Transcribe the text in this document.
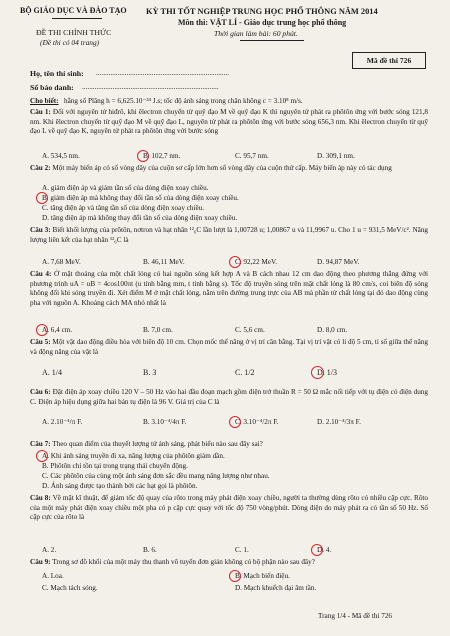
BỘ GIÁO DỤC VÀ ĐÀO TẠO KỲ THI TỐT NGHIỆP TRUNG HỌC PHỔ THÔNG NĂM 2014
Môn thi: VẬT LÍ - Giáo dục trung học phổ thông
Thời gian làm bài: 60 phút.
ĐỀ THI CHÍNH THỨC
(Đề thi có 04 trang)
Mã đề thi 726
Họ, tên thí sinh: ..........................................................................
Số báo danh: ............................................................................
Cho biết: hằng số Plăng h = 6,625.10⁻³⁴ J.s; tốc độ ánh sáng trong chân không c = 3.10⁸ m/s.
Câu 1: Đối với nguyên tử hiđrô, khi êlectron chuyển từ quỹ đạo M về quỹ đạo K thì nguyên tử phát ra phôtôn ứng với bước sóng 121,8 nm. Khi êlectron chuyển từ quỹ đạo M về quỹ đạo L, nguyên tử phát ra phôtôn ứng với bước sóng 656,3 nm. Khi êlectron chuyển từ quỹ đạo L về quỹ đạo K, nguyên tử phát ra phôtôn ứng với bước sóng
A. 534,5 nm.	B. 102,7 nm.	C. 95,7 nm.	D. 309,1 nm.
Câu 2: Một máy biến áp có số vòng dây của cuộn sơ cấp lớn hơn số vòng dây của cuộn thứ cấp. Máy biến áp này có tác dụng
A. giảm điện áp và giảm tần số của dòng điện xoay chiều.
B. giảm điện áp mà không thay đổi tần số của dòng điện xoay chiều.
C. tăng điện áp và tăng tần số của dòng điện xoay chiều.
D. tăng điện áp mà không thay đổi tần số của dòng điện xoay chiều.
Câu 3: Biết khối lượng của prôtôn, nơtron và hạt nhân ¹²₆C lần lượt là 1,00728 u; 1,00867 u và 11,9967 u. Cho 1 u = 931,5 MeV/c². Năng lượng liên kết của hạt nhân ¹²₆C là
A. 7,68 MeV.	B. 46,11 MeV.	C. 92,22 MeV.	D. 94,87 MeV.
Câu 4: Ở mặt thoáng của một chất lỏng có hai nguồn sóng kết hợp A và B cách nhau 12 cm dao động theo phương thẳng đứng với phương trình uA = uB = 4cos100πt (u tính bằng mm, t tính bằng s). Tốc độ truyền sóng trên mặt chất lỏng là 80 cm/s, coi biên độ sóng không đổi khi sóng truyền đi. Xét điểm M ở mặt chất lỏng, nằm trên đường trung trực của AB mà phần tử chất lỏng tại đó dao động cùng pha với nguồn A. Khoảng cách MA nhỏ nhất là
A. 6,4 cm.	B. 7,0 cm.	C. 5,6 cm.	D. 8,0 cm.
Câu 5: Một vật dao động điều hòa với biên độ 10 cm. Chọn mốc thế năng ở vị trí cân bằng. Tại vị trí vật có li độ 5 cm, tỉ số giữa thế năng và động năng của vật là
A. 1/4	B. 3	C. 1/2	D. 1/3
Câu 6: Đặt điện áp xoay chiều 120 V – 50 Hz vào hai đầu đoạn mạch gồm điện trở thuần R = 50 Ω mắc nối tiếp với tụ điện có điện dung C. Điện áp hiệu dụng giữa hai bản tụ điện là 96 V. Giá trị của C là
A. 2.10⁻⁴/π F.	B. 3.10⁻⁴/4π F.	C. 3.10⁻⁴/2π F.	D. 2.10⁻⁴/3π F.
Câu 7: Theo quan điểm của thuyết lượng tử ánh sáng, phát biểu nào sau đây sai?
A. Khi ánh sáng truyền đi xa, năng lượng của phôtôn giảm dần.
B. Phôtôn chỉ tồn tại trong trạng thái chuyển động.
C. Các phôtôn của cùng một ánh sáng đơn sắc đều mang năng lượng như nhau.
D. Ánh sáng được tạo thành bởi các hạt gọi là phôtôn.
Câu 8: Về mặt kĩ thuật, để giảm tốc độ quay của rôto trong máy phát điện xoay chiều, người ta thường dùng rôto có nhiều cặp cực. Rôto của một máy phát điện xoay chiều một pha có p cặp cực quay với tốc độ 750 vòng/phút. Dòng điện do máy phát ra có tần số 50 Hz. Số cặp cực của rôto là
A. 2.	B. 6.	C. 1.	D. 4.
Câu 9: Trong sơ đồ khối của một máy thu thanh vô tuyến đơn giản không có bộ phận nào sau đây?
A. Loa.	B. Mạch biến điệu.
C. Mạch tách sóng.	D. Mạch khuếch đại âm tần.
Trang 1/4 - Mã đề thi 726
